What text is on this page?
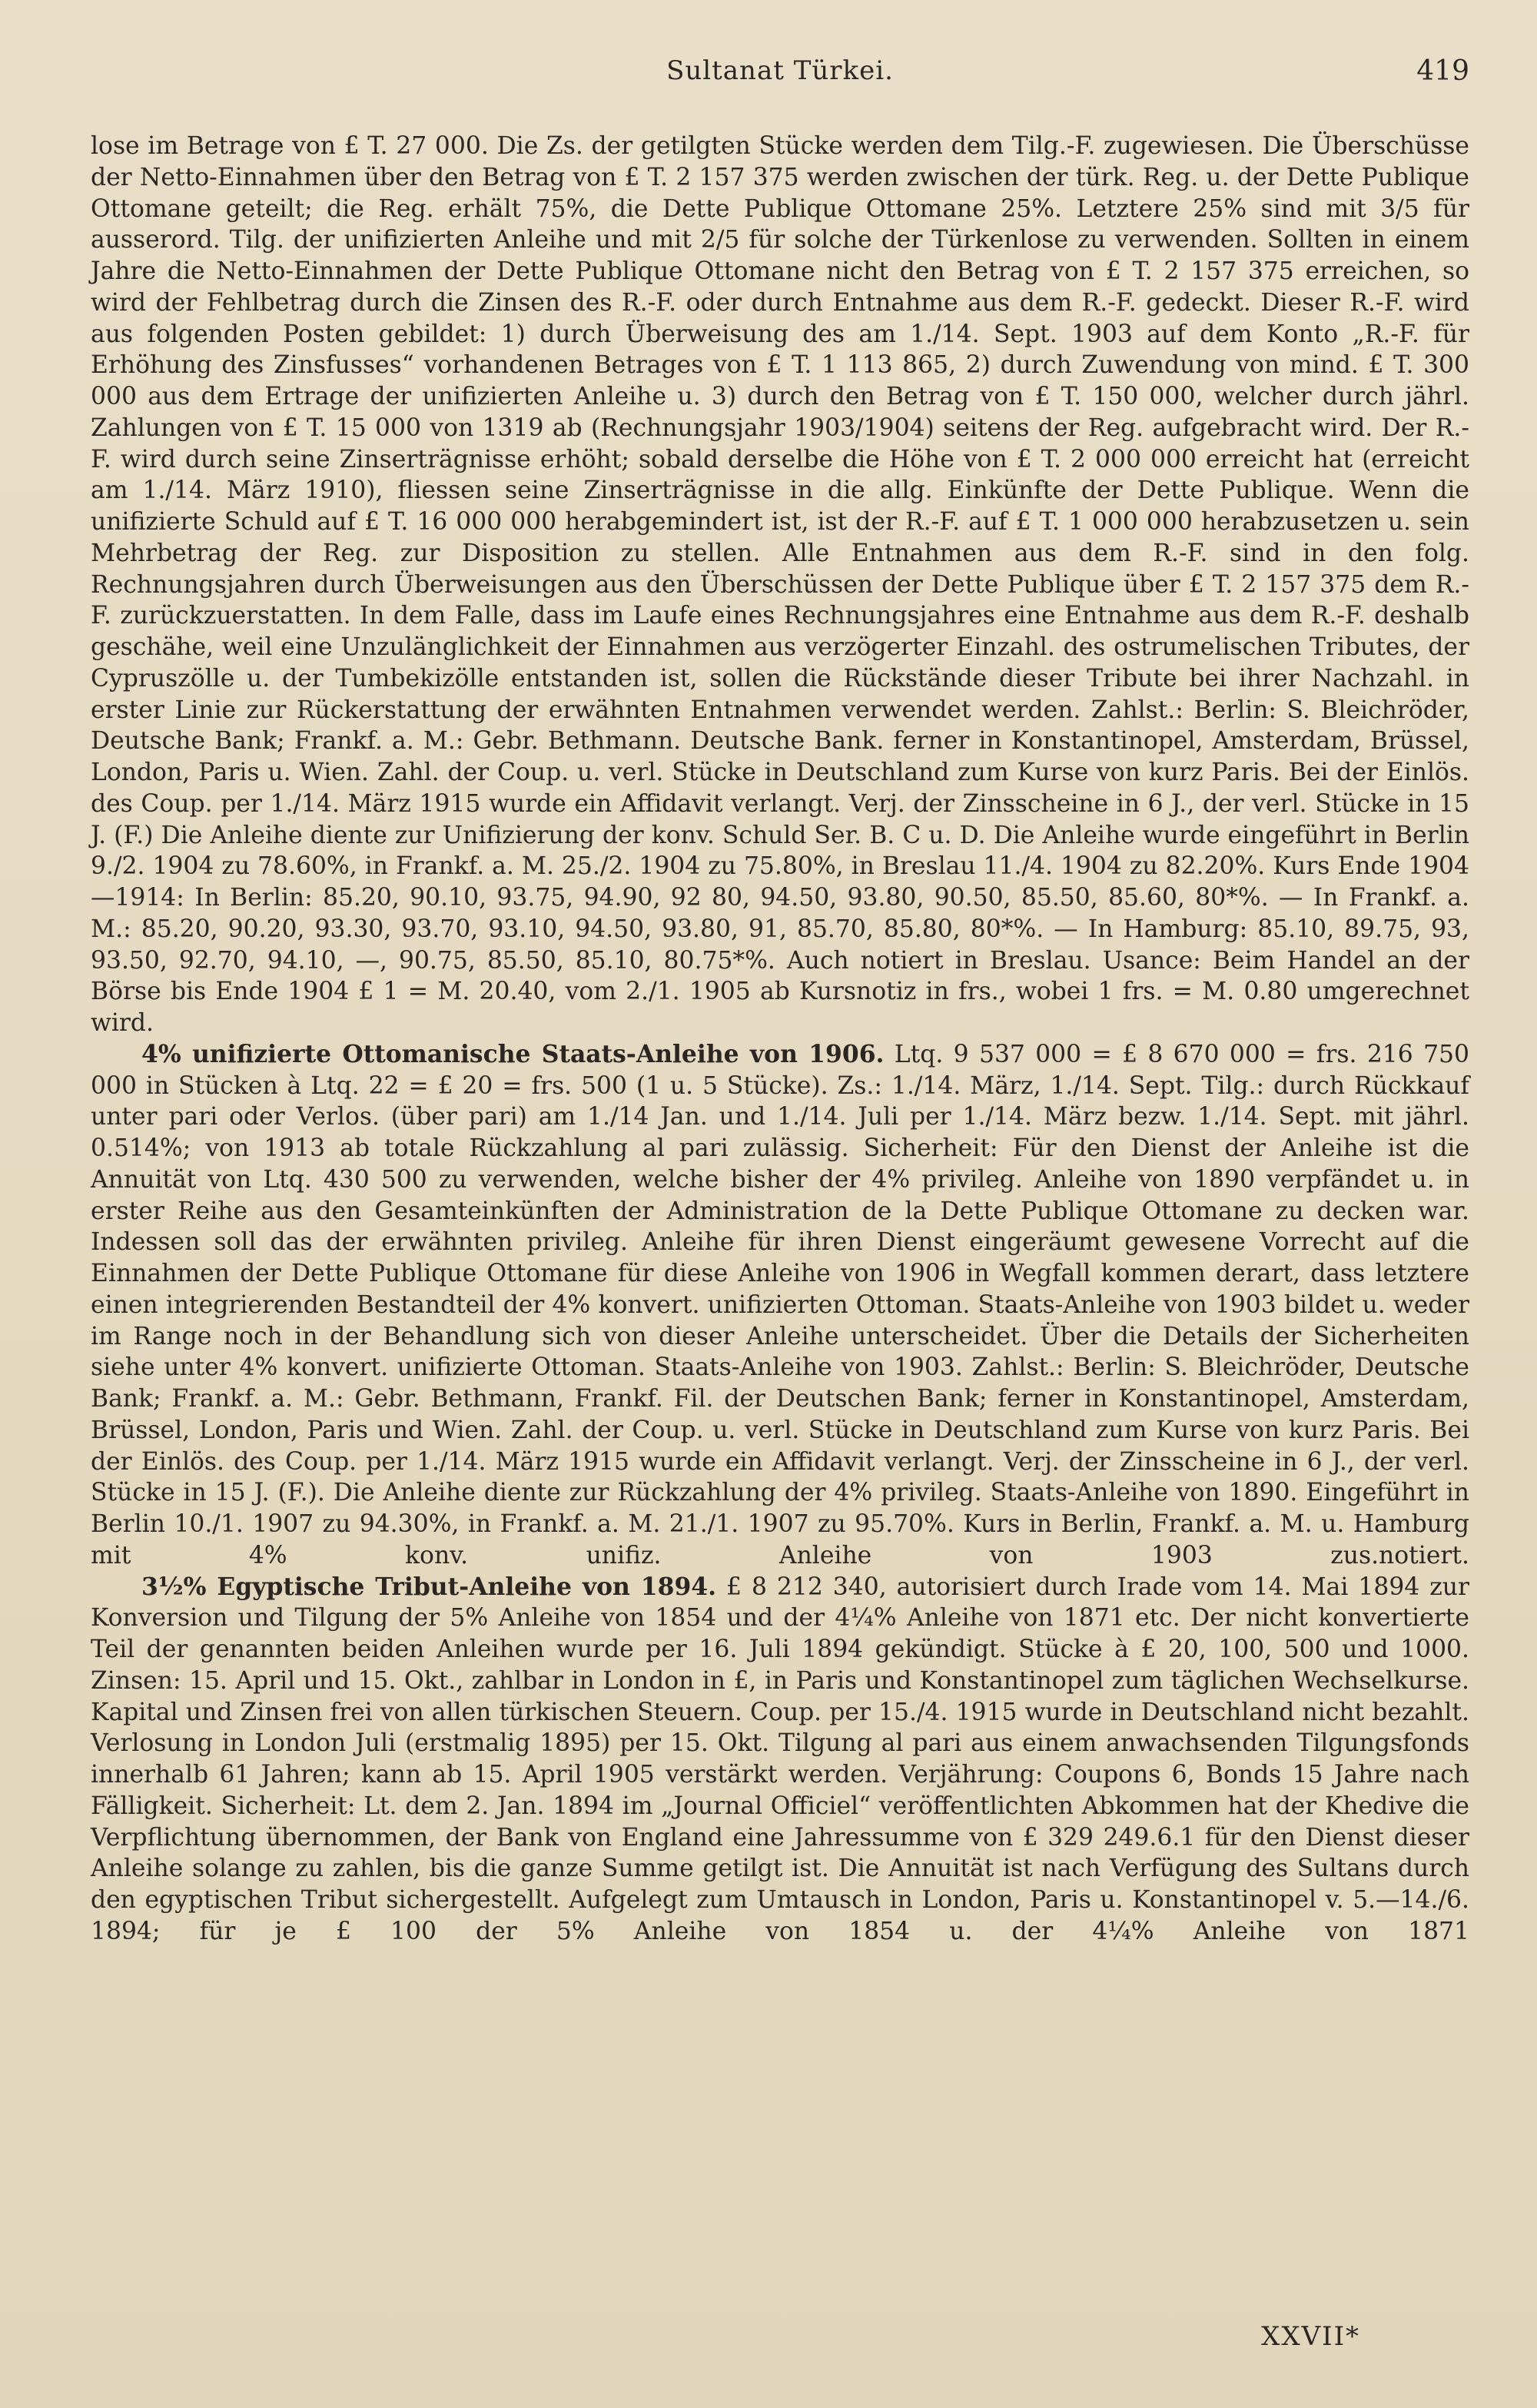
Sultanat Türkei.	419

lose im Betrage von £ T. 27 000. Die Zs. der getilgten Stücke werden dem Tilg.-F. zugewiesen. Die Überschüsse der Netto-Einnahmen über den Betrag von £ T. 2 157 375 werden zwischen der türk. Reg. u. der Dette Publique Ottomane geteilt; die Reg. erhält 75%, die Dette Publique Ottomane 25%. Letztere 25% sind mit 3/5 für ausserord. Tilg. der unifizierten Anleihe und mit 2/5 für solche der Türkenlose zu verwenden. Sollten in einem Jahre die Netto-Einnahmen der Dette Publique Ottomane nicht den Betrag von £ T. 2 157 375 erreichen, so wird der Fehlbetrag durch die Zinsen des R.-F. oder durch Entnahme aus dem R.-F. gedeckt. Dieser R.-F. wird aus folgenden Posten gebildet: 1) durch Überweisung des am 1./14. Sept. 1903 auf dem Konto „R.-F. für Erhöhung des Zinsfusses“ vorhandenen Betrages von £ T. 1 113 865, 2) durch Zuwendung von mind. £ T. 300 000 aus dem Ertrage der unifizierten Anleihe u. 3) durch den Betrag von £ T. 150 000, welcher durch jährl. Zahlungen von £ T. 15 000 von 1319 ab (Rechnungsjahr 1903/1904) seitens der Reg. aufgebracht wird. Der R.-F. wird durch seine Zinserträgnisse erhöht; sobald derselbe die Höhe von £ T. 2 000 000 erreicht hat (erreicht am 1./14. März 1910), fliessen seine Zinserträgnisse in die allg. Einkünfte der Dette Publique. Wenn die unifizierte Schuld auf £ T. 16 000 000 herabgemindert ist, ist der R.-F. auf £ T. 1 000 000 herabzusetzen u. sein Mehrbetrag der Reg. zur Disposition zu stellen. Alle Entnahmen aus dem R.-F. sind in den folg. Rechnungsjahren durch Überweisungen aus den Überschüssen der Dette Publique über £ T. 2 157 375 dem R.-F. zurückzuerstatten. In dem Falle, dass im Laufe eines Rechnungsjahres eine Entnahme aus dem R.-F. deshalb geschähe, weil eine Unzulänglichkeit der Einnahmen aus verzögerter Einzahl. des ostrumelischen Tributes, der Cypruszölle u. der Tumbekizölle entstanden ist, sollen die Rückstände dieser Tribute bei ihrer Nachzahl. in erster Linie zur Rückerstattung der erwähnten Entnahmen verwendet werden. Zahlst.: Berlin: S. Bleichröder, Deutsche Bank; Frankf. a. M.: Gebr. Bethmann. Deutsche Bank. ferner in Konstantinopel, Amsterdam, Brüssel, London, Paris u. Wien. Zahl. der Coup. u. verl. Stücke in Deutschland zum Kurse von kurz Paris. Bei der Einlös. des Coup. per 1./14. März 1915 wurde ein Affidavit verlangt. Verj. der Zinsscheine in 6 J., der verl. Stücke in 15 J. (F.) Die Anleihe diente zur Unifizierung der konv. Schuld Ser. B. C u. D. Die Anleihe wurde eingeführt in Berlin 9./2. 1904 zu 78.60%, in Frankf. a. M. 25./2. 1904 zu 75.80%, in Breslau 11./4. 1904 zu 82.20%. Kurs Ende 1904—1914: In Berlin: 85.20, 90.10, 93.75, 94.90, 92 80, 94.50, 93.80, 90.50, 85.50, 85.60, 80*%. — In Frankf. a. M.: 85.20, 90.20, 93.30, 93.70, 93.10, 94.50, 93.80, 91, 85.70, 85.80, 80*%. — In Hamburg: 85.10, 89.75, 93, 93.50, 92.70, 94.10, —, 90.75, 85.50, 85.10, 80.75*%. Auch notiert in Breslau. Usance: Beim Handel an der Börse bis Ende 1904 £ 1 = M. 20.40, vom 2./1. 1905 ab Kursnotiz in frs., wobei 1 frs. = M. 0.80 umgerechnet wird.

4% unifizierte Ottomanische Staats-Anleihe von 1906. Ltq. 9 537 000 = £ 8 670 000 = frs. 216 750 000 in Stücken à Ltq. 22 = £ 20 = frs. 500 (1 u. 5 Stücke). Zs.: 1./14. März, 1./14. Sept. Tilg.: durch Rückkauf unter pari oder Verlos. (über pari) am 1./14 Jan. und 1./14. Juli per 1./14. März bezw. 1./14. Sept. mit jährl. 0.514%; von 1913 ab totale Rückzahlung al pari zulässig. Sicherheit: Für den Dienst der Anleihe ist die Annuität von Ltq. 430 500 zu verwenden, welche bisher der 4% privileg. Anleihe von 1890 verpfändet u. in erster Reihe aus den Gesamteinkünften der Administration de la Dette Publique Ottomane zu decken war. Indessen soll das der erwähnten privileg. Anleihe für ihren Dienst eingeräumt gewesene Vorrecht auf die Einnahmen der Dette Publique Ottomane für diese Anleihe von 1906 in Wegfall kommen derart, dass letztere einen integrierenden Bestandteil der 4% konvert. unifizierten Ottoman. Staats-Anleihe von 1903 bildet u. weder im Range noch in der Behandlung sich von dieser Anleihe unterscheidet. Über die Details der Sicherheiten siehe unter 4% konvert. unifizierte Ottoman. Staats-Anleihe von 1903. Zahlst.: Berlin: S. Bleichröder, Deutsche Bank; Frankf. a. M.: Gebr. Bethmann, Frankf. Fil. der Deutschen Bank; ferner in Konstantinopel, Amsterdam, Brüssel, London, Paris und Wien. Zahl. der Coup. u. verl. Stücke in Deutschland zum Kurse von kurz Paris. Bei der Einlös. des Coup. per 1./14. März 1915 wurde ein Affidavit verlangt. Verj. der Zinsscheine in 6 J., der verl. Stücke in 15 J. (F.). Die Anleihe diente zur Rückzahlung der 4% privileg. Staats-Anleihe von 1890. Eingeführt in Berlin 10./1. 1907 zu 94.30%, in Frankf. a. M. 21./1. 1907 zu 95.70%. Kurs in Berlin, Frankf. a. M. u. Hamburg mit 4% konv. unifiz. Anleihe von 1903 zus.notiert.

3½% Egyptische Tribut-Anleihe von 1894. £ 8 212 340, autorisiert durch Irade vom 14. Mai 1894 zur Konversion und Tilgung der 5% Anleihe von 1854 und der 4¼% Anleihe von 1871 etc. Der nicht konvertierte Teil der genannten beiden Anleihen wurde per 16. Juli 1894 gekündigt. Stücke à £ 20, 100, 500 und 1000. Zinsen: 15. April und 15. Okt., zahlbar in London in £, in Paris und Konstantinopel zum täglichen Wechselkurse. Kapital und Zinsen frei von allen türkischen Steuern. Coup. per 15./4. 1915 wurde in Deutschland nicht bezahlt. Verlosung in London Juli (erstmalig 1895) per 15. Okt. Tilgung al pari aus einem anwachsenden Tilgungsfonds innerhalb 61 Jahren; kann ab 15. April 1905 verstärkt werden. Verjährung: Coupons 6, Bonds 15 Jahre nach Fälligkeit. Sicherheit: Lt. dem 2. Jan. 1894 im „Journal Officiel“ veröffentlichten Abkommen hat der Khedive die Verpflichtung übernommen, der Bank von England eine Jahressumme von £ 329 249.6.1 für den Dienst dieser Anleihe solange zu zahlen, bis die ganze Summe getilgt ist. Die Annuität ist nach Verfügung des Sultans durch den egyptischen Tribut sichergestellt. Aufgelegt zum Umtausch in London, Paris u. Konstantinopel v. 5.—14./6. 1894; für je £ 100 der 5% Anleihe von 1854 u. der 4¼% Anleihe von 1871

XXVII*
